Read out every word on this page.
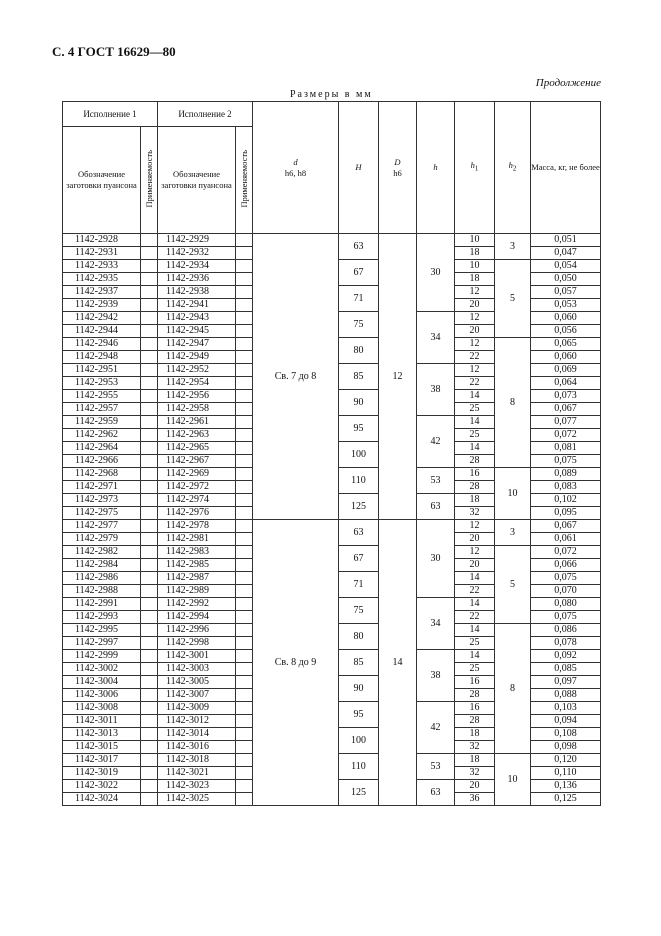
С. 4 ГОСТ 16629—80
Продолжение
Размеры в мм
Исполнение 1		Исполнение 2		d
h6, h8	H	D
h6	h	$h_1$	$h_2$	Масса, кг, не более
Обозначение заготовки пуансона	Применяемость	Обозначение заготовки пуансона	Применяемость							
1142-2928		1142-2929		Св. 7 до 8	63	12	30	10	3	0,051
1142-2931		1142-2932						18		0,047
1142-2933		1142-2934			67			10	5	0,054
1142-2935		1142-2936						18		0,050
1142-2937		1142-2938			71			12		0,057
1142-2939		1142-2941						20		0,053
1142-2942		1142-2943			75		34	12		0,060
1142-2944		1142-2945						20		0,056
1142-2946		1142-2947			80			12	8	0,065
1142-2948		1142-2949						22		0,060
1142-2951		1142-2952			85		38	12		0,069
1142-2953		1142-2954						22		0,064
1142-2955		1142-2956			90			14		0,073
1142-2957		1142-2958						25		0,067
1142-2959		1142-2961			95		42	14		0,077
1142-2962		1142-2963						25		0,072
1142-2964		1142-2965			100			14		0,081
1142-2966		1142-2967						28		0,075
1142-2968		1142-2969			110		53	16	10	0,089
1142-2971		1142-2972						28		0,083
1142-2973		1142-2974			125		63	18		0,102
1142-2975		1142-2976						32		0,095
1142-2977		1142-2978		Св. 8 до 9	63	14	30	12	3	0,067
1142-2979		1142-2981						20		0,061
1142-2982		1142-2983			67			12	5	0,072
1142-2984		1142-2985						20		0,066
1142-2986		1142-2987			71			14		0,075
1142-2988		1142-2989						22		0,070
1142-2991		1142-2992			75		34	14		0,080
1142-2993		1142-2994						22		0,075
1142-2995		1142-2996			80			14	8	0,086
1142-2997		1142-2998						25		0,078
1142-2999		1142-3001			85		38	14		0,092
1142-3002		1142-3003						25		0,085
1142-3004		1142-3005			90			16		0,097
1142-3006		1142-3007						28		0,088
1142-3008		1142-3009			95		42	16		0,103
1142-3011		1142-3012						28		0,094
1142-3013		1142-3014			100			18		0,108
1142-3015		1142-3016						32		0,098
1142-3017		1142-3018			110		53	18	10	0,120
1142-3019		1142-3021						32		0,110
1142-3022		1142-3023			125		63	20		0,136
1142-3024		1142-3025						36		0,125
